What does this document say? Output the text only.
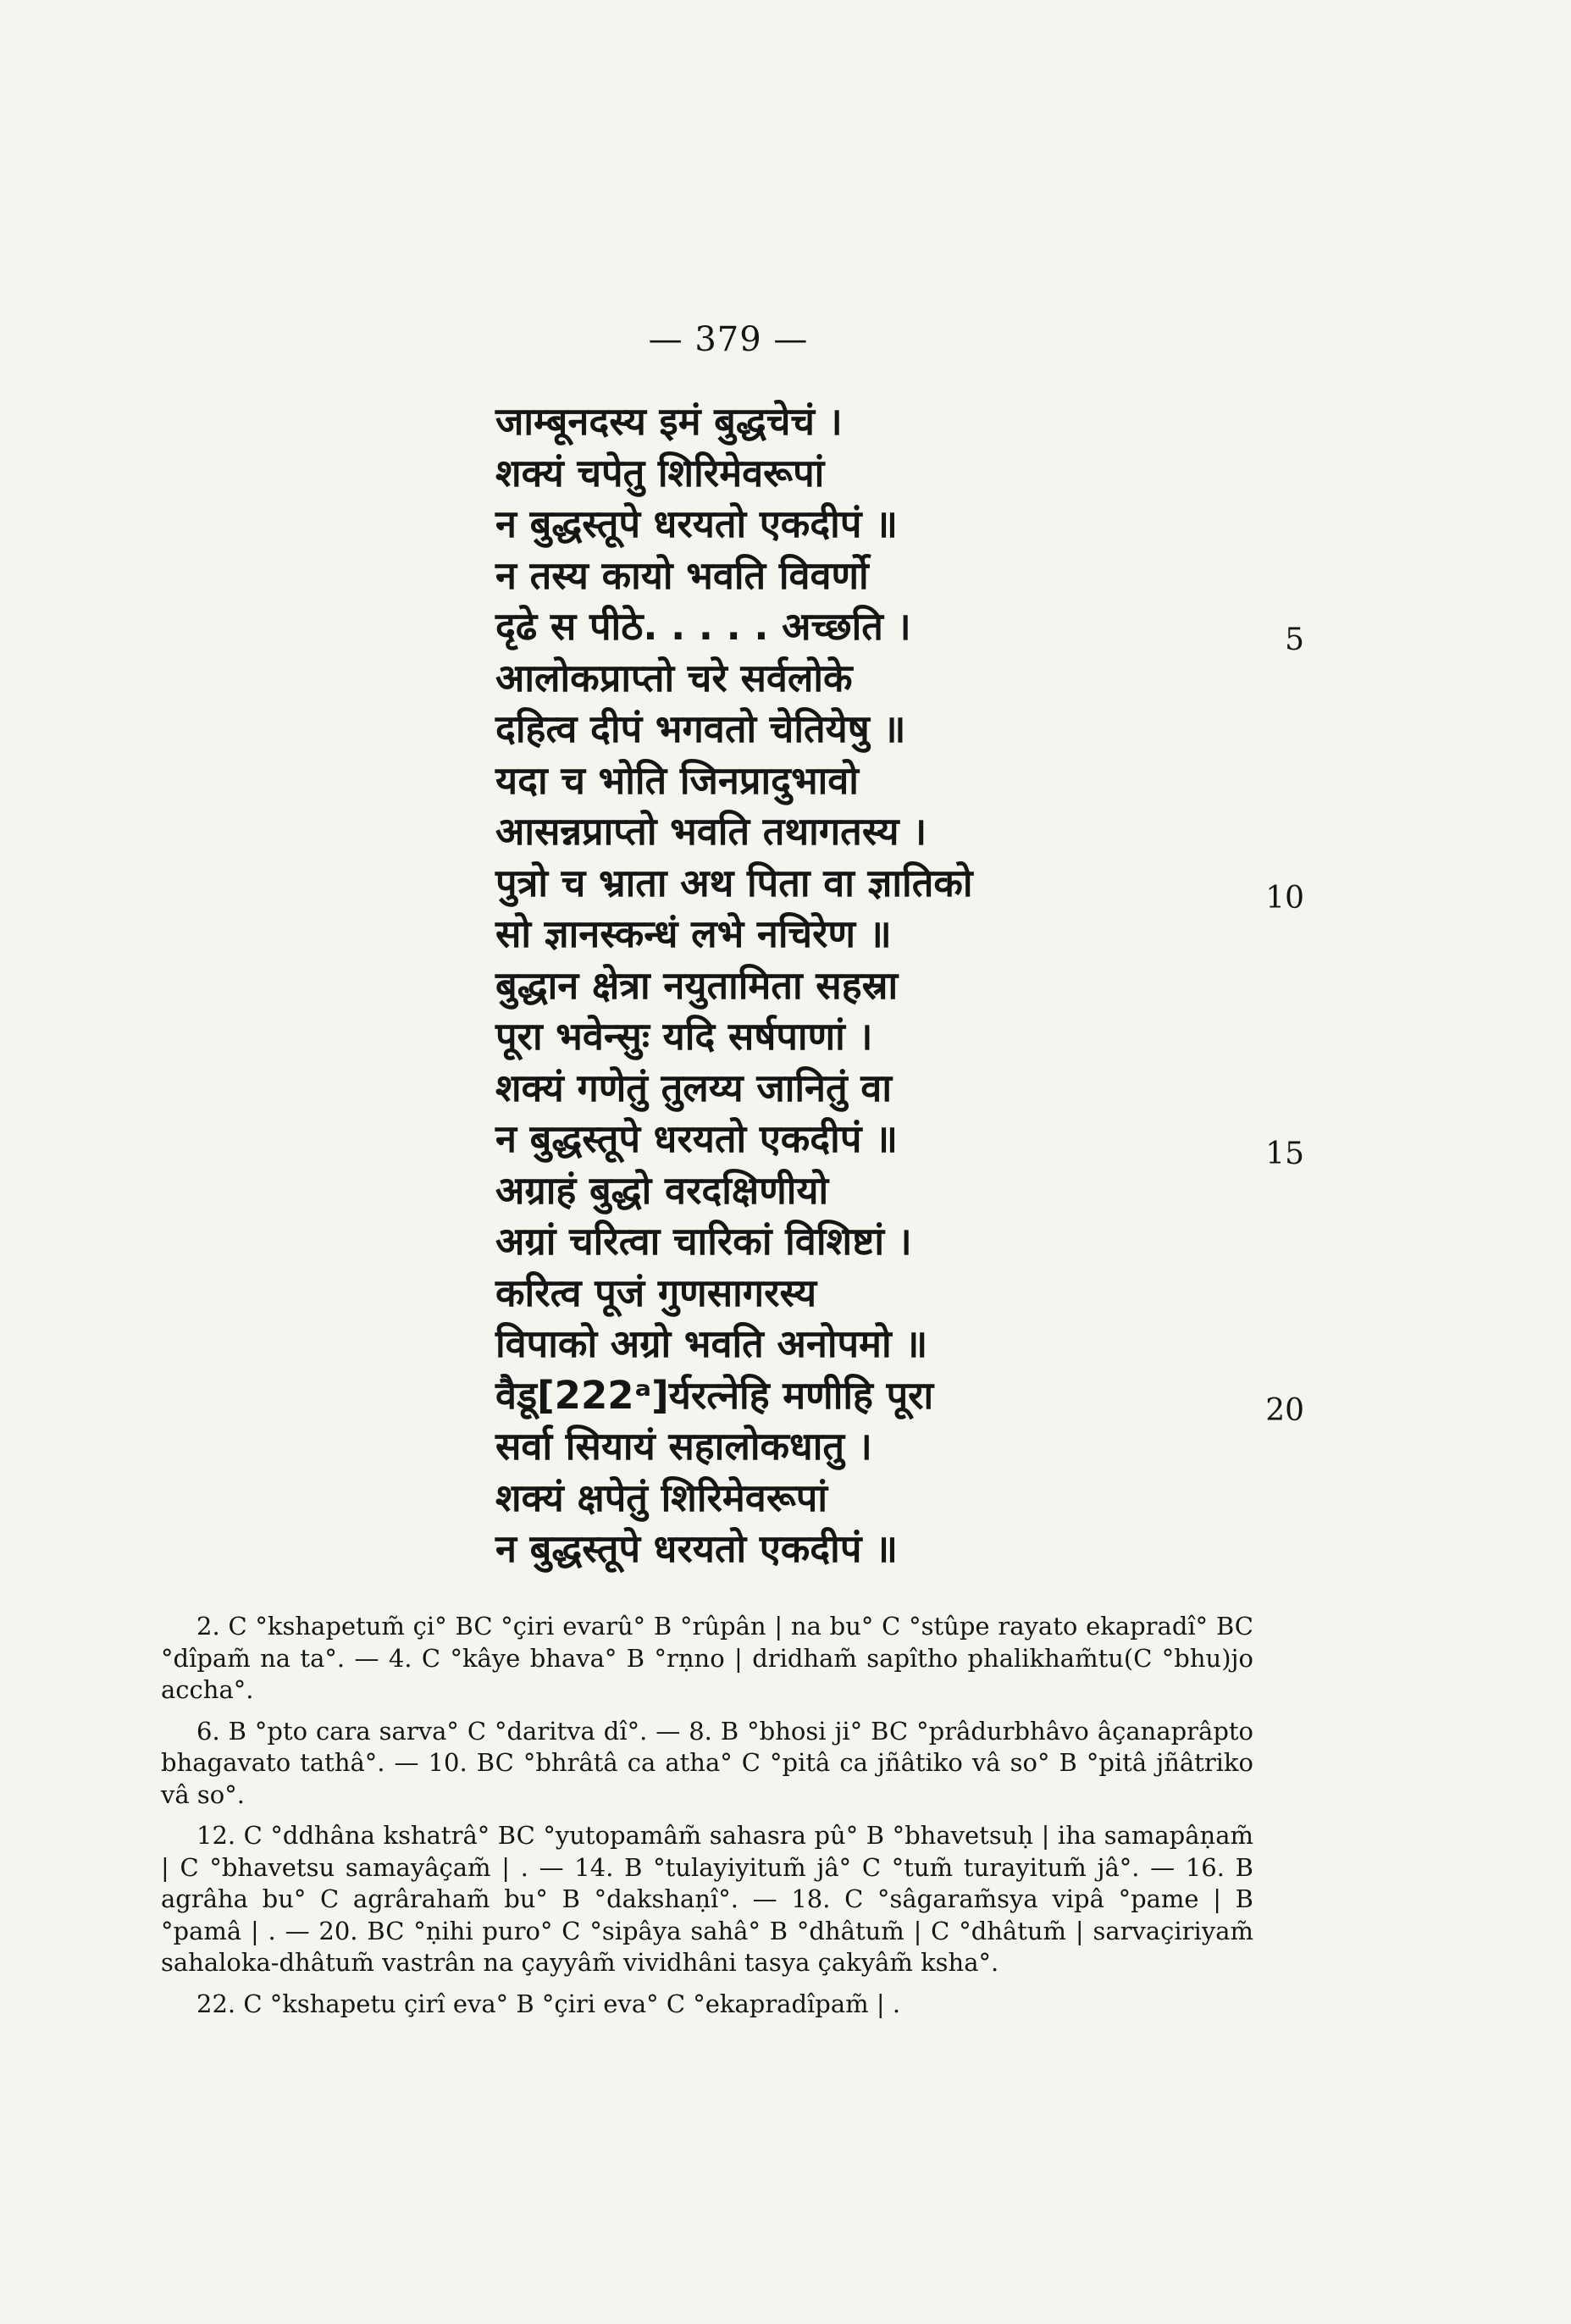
— 379 —
जाम्बूनदस्य इमं बुद्धचेचं ।
शक्यं चपेतु शिरिमेवरूपां
न बुद्धस्तूपे धरयतो एकदीपं ॥
न तस्य कायो भवति विवर्णो
दृढे स पीठे. . . . . अच्छति ।
आलोकप्राप्तो चरे सर्वलोके
दहित्व दीपं भगवतो चेतियेषु ॥
यदा च भोति जिनप्रादुभावो
आसन्नप्राप्तो भवति तथागतस्य ।
पुत्रो च भ्राता अथ पिता वा ज्ञातिको
सो ज्ञानस्कन्धं लभे नचिरेण ॥
बुद्धान क्षेत्रा नयुतामिता सहस्रा
पूरा भवेन्सुः यदि सर्षपाणां ।
शक्यं गणेतुं तुलय्य जानितुं वा
न बुद्धस्तूपे धरयतो एकदीपं ॥
अग्राहं बुद्धो वरदक्षिणीयो
अग्रां चरित्वा चारिकां विशिष्टां ।
करित्व पूजं गुणसागरस्य
विपाको अग्रो भवति अनोपमो ॥
वैडू[222ᵃ]र्यरत्नेहि मणीहि पूरा
सर्वा सियायं सहालोकधातु ।
शक्यं क्षपेतुं शिरिमेवरूपां
न बुद्धस्तूपे धरयतो एकदीपं ॥
5
10
15
20

2. C °kshapetum̃ çi° BC °çiri evarû° B °rûpân | na bu° C °stûpe rayato ekapradî° BC °dîpam̃ na ta°. — 4. C °kâye bhava° B °rṇno | dridham̃ sapîtho phalikham̃tu(C °bhu)jo accha°.

6. B °pto cara sarva° C °daritva dî°. — 8. B °bhosi ji° BC °prâdurbhâvo âçanaprâpto bhagavato tathâ°. — 10. BC °bhrâtâ ca atha° C °pitâ ca jñâtiko vâ so° B °pitâ jñâtriko vâ so°.

12. C °ddhâna kshatrâ° BC °yutopamâm̃ sahasra pû° B °bhavetsuḥ | iha samapâṇam̃ | C °bhavetsu samayâçam̃ | . — 14. B °tulayiyitum̃ jâ° C °tum̃ turayitum̃ jâ°. — 16. B agrâha bu° C agrâraham̃ bu° B °dakshaṇî°. — 18. C °sâgaram̃sya vipâ °pame | B °pamâ | . — 20. BC °ṇihi puro° C °sipâya sahâ° B °dhâtum̃ | C °dhâtum̃ | sarvaçiriyam̃ sahaloka-dhâtum̃ vastrân na çayyâm̃ vividhâni tasya çakyâm̃ ksha°.

22. C °kshapetu çirî eva° B °çiri eva° C °ekapradîpam̃ | .
